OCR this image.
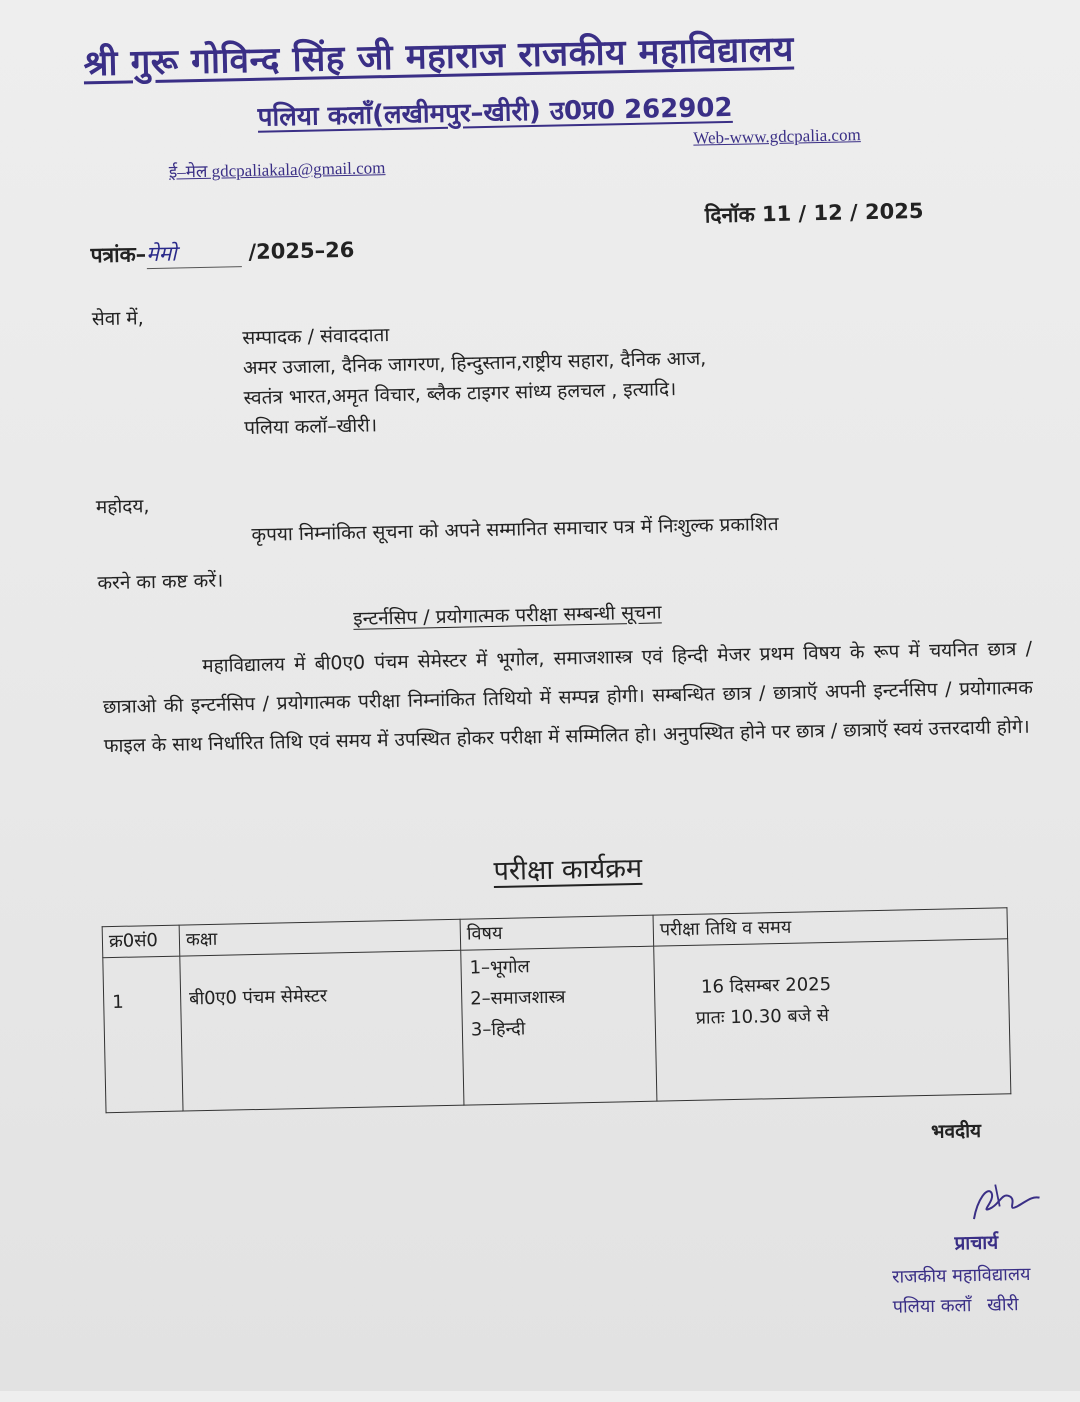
श्री गुरू गोविन्द सिंह जी महाराज राजकीय महाविद्यालय
पलिया कलॉं(लखीमपुर–खीरी) उ0प्र0 262902
ई–मेल gdcpaliakala@gmail.com
Web-www.gdcpalia.com
पत्रांक–मेमो	/2025–26
दिनॉक 11 / 12 / 2025
सेवा में,
सम्पादक / संवाददाता
अमर उजाला, दैनिक जागरण, हिन्दुस्तान,राष्ट्रीय सहारा, दैनिक आज,
स्वतंत्र भारत,अमृत विचार, ब्लैक टाइगर सांध्य हलचल , इत्यादि।
पलिया कलॉ–खीरी।
महोदय,
कृपया निम्नांकित सूचना को अपने सम्मानित समाचार पत्र में निःशुल्क प्रकाशित
करने का कष्ट करें।
इन्टर्नसिप / प्रयोगात्मक परीक्षा सम्बन्धी सूचना
महाविद्यालय में बी0ए0 पंचम सेमेस्टर में भूगोल, समाजशास्त्र एवं हिन्दी मेजर प्रथम विषय के रूप में चयनित छात्र / छात्राओ की इन्टर्नसिप / प्रयोगात्मक परीक्षा निम्नांकित तिथियो में सम्पन्न होगी। सम्बन्धित छात्र / छात्राऍ अपनी इन्टर्नसिप / प्रयोगात्मक फाइल के साथ निर्धारित तिथि एवं समय में उपस्थित होकर परीक्षा में सम्मिलित हो। अनुपस्थित होने पर छात्र / छात्राऍ स्वयं उत्तरदायी होगे।
परीक्षा कार्यक्रम
क्र0सं0	कक्षा	विषय	परीक्षा तिथि व समय
1	बी0ए0 पंचम सेमेस्टर	1–भूगोल
2–समाजशास्त्र
3–हिन्दी	16 दिसम्बर 2025
प्रातः 10.30 बजे से
भवदीय
प्राचार्य
राजकीय महाविद्यालय
पलिया कलॉं खीरी
